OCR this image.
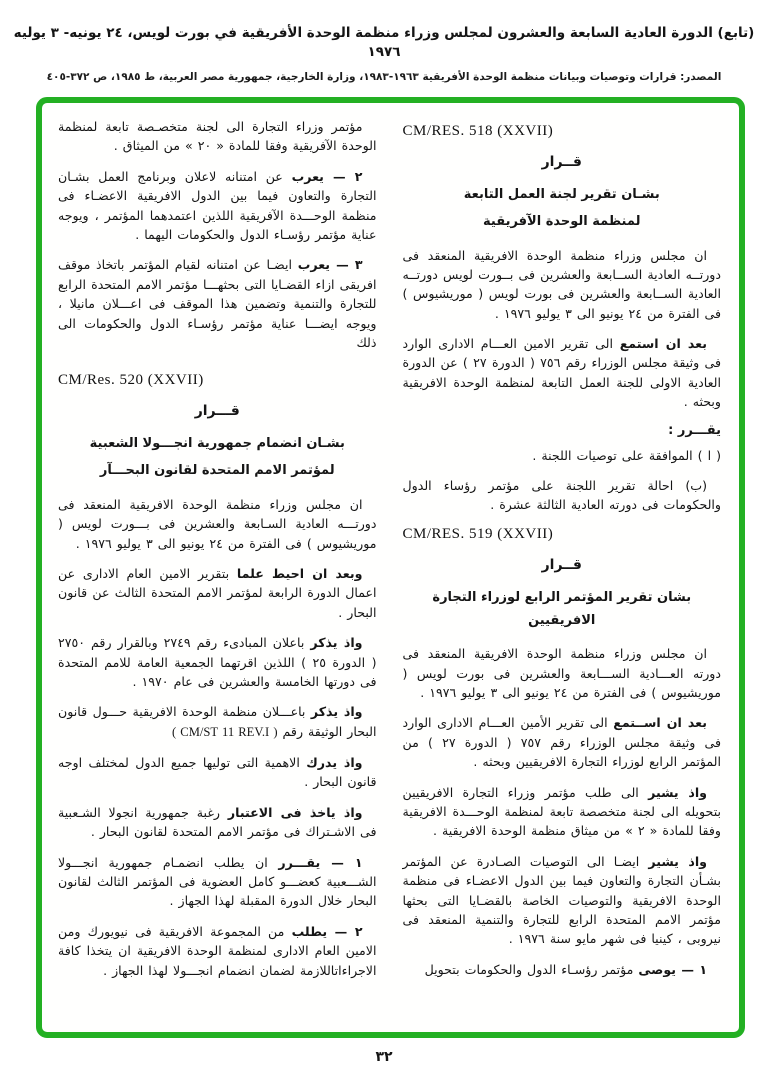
(تابع) الدورة العادية السابعة والعشرون لمجلس وزراء منظمة الوحدة الأفريقية في بورت لويس، ٢٤ يونيه- ٣ يوليه ١٩٧٦
المصدر: قرارات وتوصيات وبيانات منظمة الوحدة الأفريقية ١٩٦٣-١٩٨٣، وزارة الخارجية، جمهورية مصر العربية، ط ١٩٨٥، ص ٣٧٢-٤٠٥
CM/RES. 518 (XXVII)
قــرار
بشـان تقرير لجنة العمل التابعة
لمنظمة الوحدة الآفريقية

ان مجلس وزراء منظمة الوحدة الافريقية المنعقد فى دورتــه العادية الســابعة والعشرين فى بــورت لويس دورتــه العادية الســابعة والعشرين فى بورت لويس ( موريشيوس ) فى الفترة من ٢٤ يونيو الى ٣ يوليو ١٩٧٦ .

بعد ان استمع الى تقرير الامين العـــام الادارى الوارد فى وثيقة مجلس الوزراء رقم ٧٥٦ ( الدورة ٢٧ ) عن الدورة العادية الاولى للجنة العمل التابعة لمنظمة الوحدة الافريقية وبحثه .

يقـــرر :

( ا ) الموافقة على توصيات اللجنة .

(ب) احالة تقرير اللجنة على مؤتمر رؤساء الدول والحكومات فى دورته العادية الثالثة عشرة .

CM/RES. 519 (XXVII)
قــرار
بشان تقرير المؤتمر الرابع لوزراء التجارة الافريقيين

ان مجلس وزراء منظمة الوحدة الافريقية المنعقد فى دورته العـــادية الســـابعة والعشرين فى بورت لويس ( موريشيوس ) فى الفترة من ٢٤ يونيو الى ٣ يوليو ١٩٧٦ .

بعد ان اســتمع الى تقرير الأمين العـــام الادارى الوارد فى وثيقة مجلس الوزراء رقم ٧٥٧ ( الدورة ٢٧ ) من المؤتمر الرابع لوزراء التجارة الافريقيين وبحثه .

واذ يشير الى طلب مؤتمر وزراء التجارة الافريقيين بتحويله الى لجنة متخصصة تابعة لمنظمة الوحـــدة الافريقية وفقا للمادة « ٢ » من ميثاق منظمة الوحدة الافريقية .

واذ يشير ايضـا الى التوصيات الصـادرة عن المؤتمر بشـأن التجارة والتعاون فيما بين الدول الاعضـاء فى منظمة الوحدة الافريقية والتوصيات الخاصة بالقضـايا التى بحثها مؤتمر الامم المتحدة الرابع للتجارة والتنمية المنعقد فى نيروبى ، كينيا فى شهر مايو سنة ١٩٧٦ .

١ — يوصى مؤتمر رؤسـاء الدول والحكومات بتحويل

مؤتمر وزراء التجارة الى لجنة متخصـصة تابعة لمنظمة الوحدة الآفريقية وفقا للمادة « ٢٠ » من الميثاق .

٢ — يعرب عن امتنانه لاعلان وبرنامج العمل بشـان التجارة والتعاون فيما بين الدول الافريقية الاعضـاء فى منظمة الوحـــدة الآفريقية اللذين اعتمدهما المؤتمر ، ويوجه عناية مؤتمر رؤسـاء الدول والحكومات اليهما .

٣ — يعرب ايضـا عن امتنانه لقيام المؤتمر باتخاذ موقف افريقى ازاء القضـايا التى بحثهـــا مؤتمر الامم المتحدة الرابع للتجارة والتنمية وتضمين هذا الموقف فى اعـــلان مانيلا ، ويوجه ايضـــا عناية مؤتمر رؤسـاء الدول والحكومات الى ذلك

CM/Res. 520 (XXVII)
قـــرار
بشـان انضمام جمهورية انجـــولا الشعبية
لمؤتمر الامم المتحدة لقانون البحـــآر

ان مجلس وزراء منظمة الوحدة الافريقية المنعقد فى دورتـــه العادية السـابعة والعشرين فى بـــورت لويس ( موريشيوس ) فى الفترة من ٢٤ يونيو الى ٣ يوليو ١٩٧٦ .

وبعد ان احيط علما بتقرير الامين العام الادارى عن اعمال الدورة الرابعة لمؤتمر الامم المتحدة الثالث عن قانون البحار .

واذ يذكر باعلان المبادىء رقم ٢٧٤٩ وبالقرار رقم ٢٧٥٠ ( الدورة ٢٥ ) اللذين اقرتهما الجمعية العامة للامم المتحدة فى دورتها الخامسة والعشرين فى عام ١٩٧٠ .

واذ يذكر باعـــلان منظمة الوحدة الافريقية حـــول قانون البحار الوثيقة رقم ( CM/ST 11 REV.I )

واذ يدرك الاهمية التى توليها جميع الدول لمختلف اوجه قانون البحار .

واذ ياخذ فى الاعتبار رغبة جمهورية انجولا الشـعبية فى الاشـتراك فى مؤتمر الامم المتحدة لقانون البحار .

١ — يقـــرر ان يطلب انضمـام جمهورية انجـــولا الشـــعبية كعضـــو كامل العضوية فى المؤتمر الثالث لقانون البحار خلال الدورة المقبلة لهذا الجهاز .

٢ — يطلب من المجموعة الافريقية فى نيويورك ومن الامين العام الادارى لمنظمة الوحدة الافريقية ان يتخذا كافة الاجراءاتاللازمة لضمان انضمام انجـــولا لهذا الجهاز .

٣٢
